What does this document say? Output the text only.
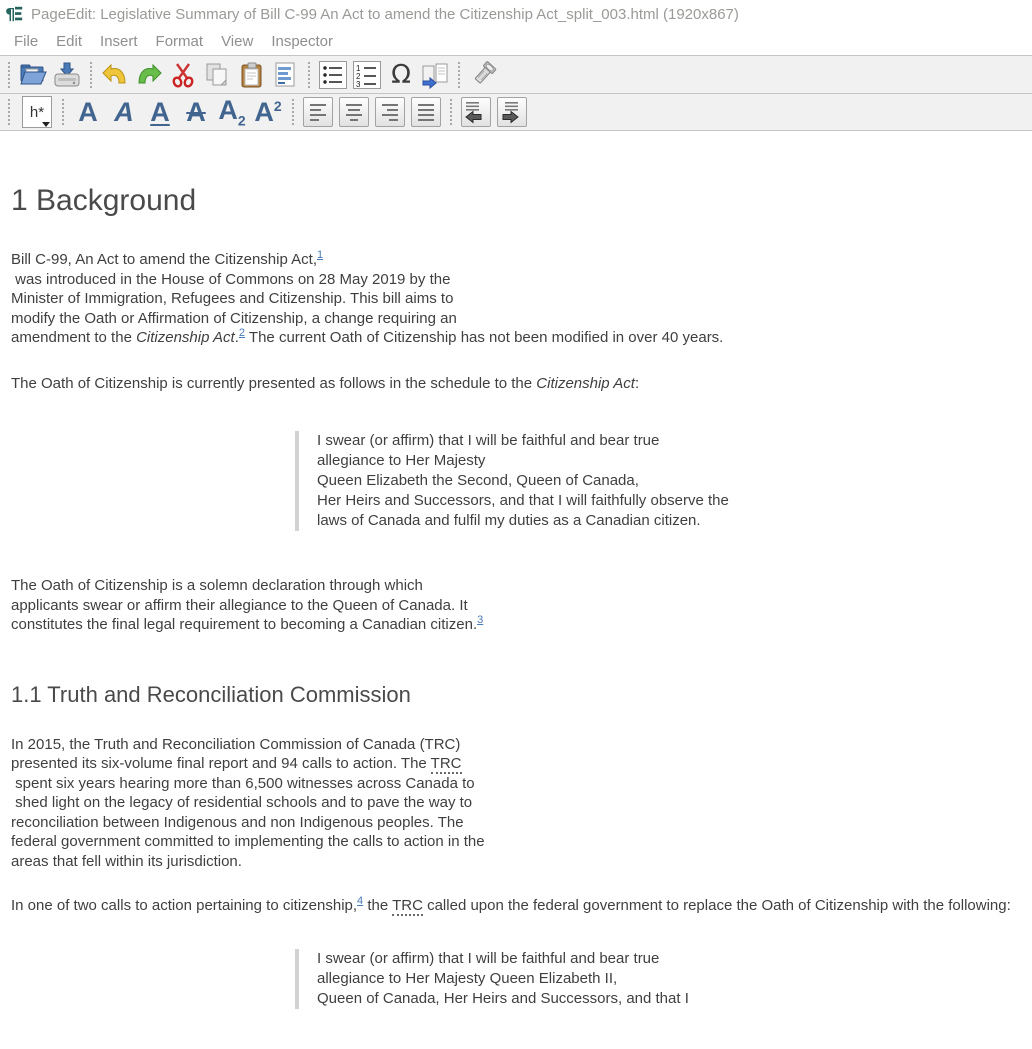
¶ PageEdit: Legislative Summary of Bill C-99 An Act to amend the Citizenship Act_split_003.html (1920x867)
File	Edit	Insert	Format	View	Inspector
1
2
3 Ω
h*	A A A A $A_2$ $A^2$
1 Background

Bill C-99, An Act to amend the Citizenship Act,$^1$
was introduced in the House of Commons on 28 May 2019 by the
Minister of Immigration, Refugees and Citizenship. This bill aims to
modify the Oath or Affirmation of Citizenship, a change requiring an
amendment to the Citizenship Act.$^2$ The current Oath of Citizenship has not been modified in over 40 years.

The Oath of Citizenship is currently presented as follows in the schedule to the Citizenship Act:

I swear (or affirm) that I will be faithful and bear true
allegiance to Her Majesty
Queen Elizabeth the Second, Queen of Canada,
Her Heirs and Successors, and that I will faithfully observe the
laws of Canada and fulfil my duties as a Canadian citizen.

The Oath of Citizenship is a solemn declaration through which
applicants swear or affirm their allegiance to the Queen of Canada. It
constitutes the final legal requirement to becoming a Canadian citizen.$^3$

1.1 Truth and Reconciliation Commission

In 2015, the Truth and Reconciliation Commission of Canada (TRC)
presented its six-volume final report and 94 calls to action. The TRC
spent six years hearing more than 6,500 witnesses across Canada to
shed light on the legacy of residential schools and to pave the way to
reconciliation between Indigenous and non Indigenous peoples. The
federal government committed to implementing the calls to action in the
areas that fell within its jurisdiction.

In one of two calls to action pertaining to citizenship,$^4$ the TRC called upon the federal government to replace the Oath of Citizenship with the following:

I swear (or affirm) that I will be faithful and bear true
allegiance to Her Majesty Queen Elizabeth II,
Queen of Canada, Her Heirs and Successors, and that I
